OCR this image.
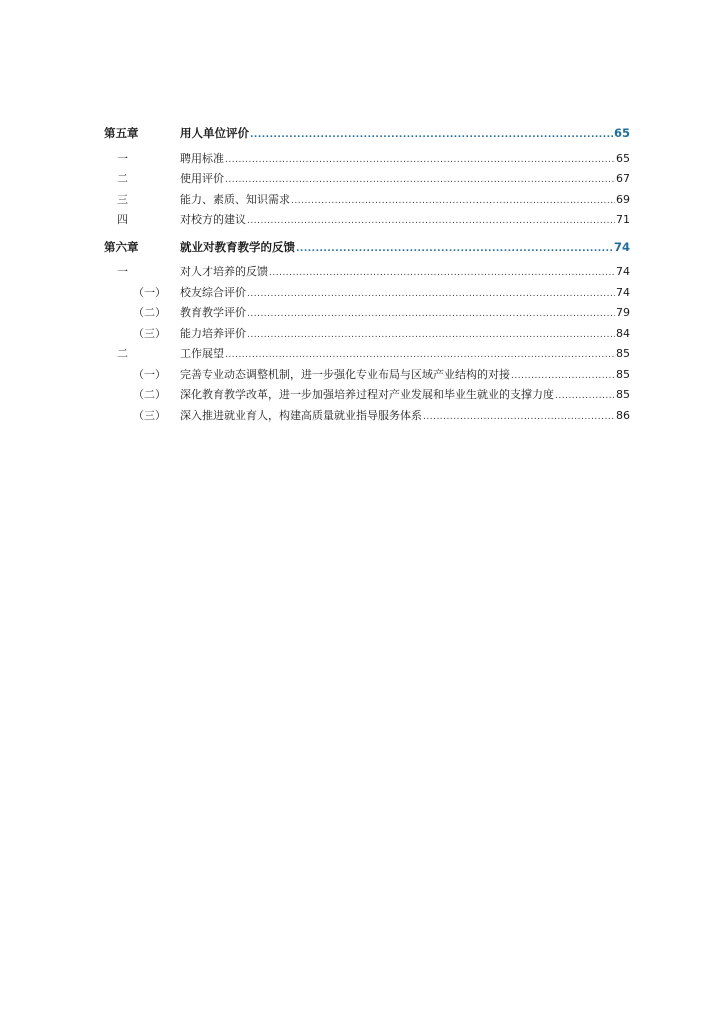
第五章	用人单位评价 .....	65
一	聘用标准 .....	65
二	使用评价 .....	67
三	能力、素质、知识需求 .....	69
四	对校方的建议 .....	71
第六章	就业对教育教学的反馈 .....	74
一	对人才培养的反馈 .....	74
（一）	校友综合评价 .....	74
（二）	教育教学评价 .....	79
（三）	能力培养评价 .....	84
二	工作展望 .....	85
（一）	完善专业动态调整机制，进一步强化专业布局与区域产业结构的对接 .....	85
（二）	深化教育教学改革，进一步加强培养过程对产业发展和毕业生就业的支撑力度 .....	85
（三）	深入推进就业育人，构建高质量就业指导服务体系 .....	86
